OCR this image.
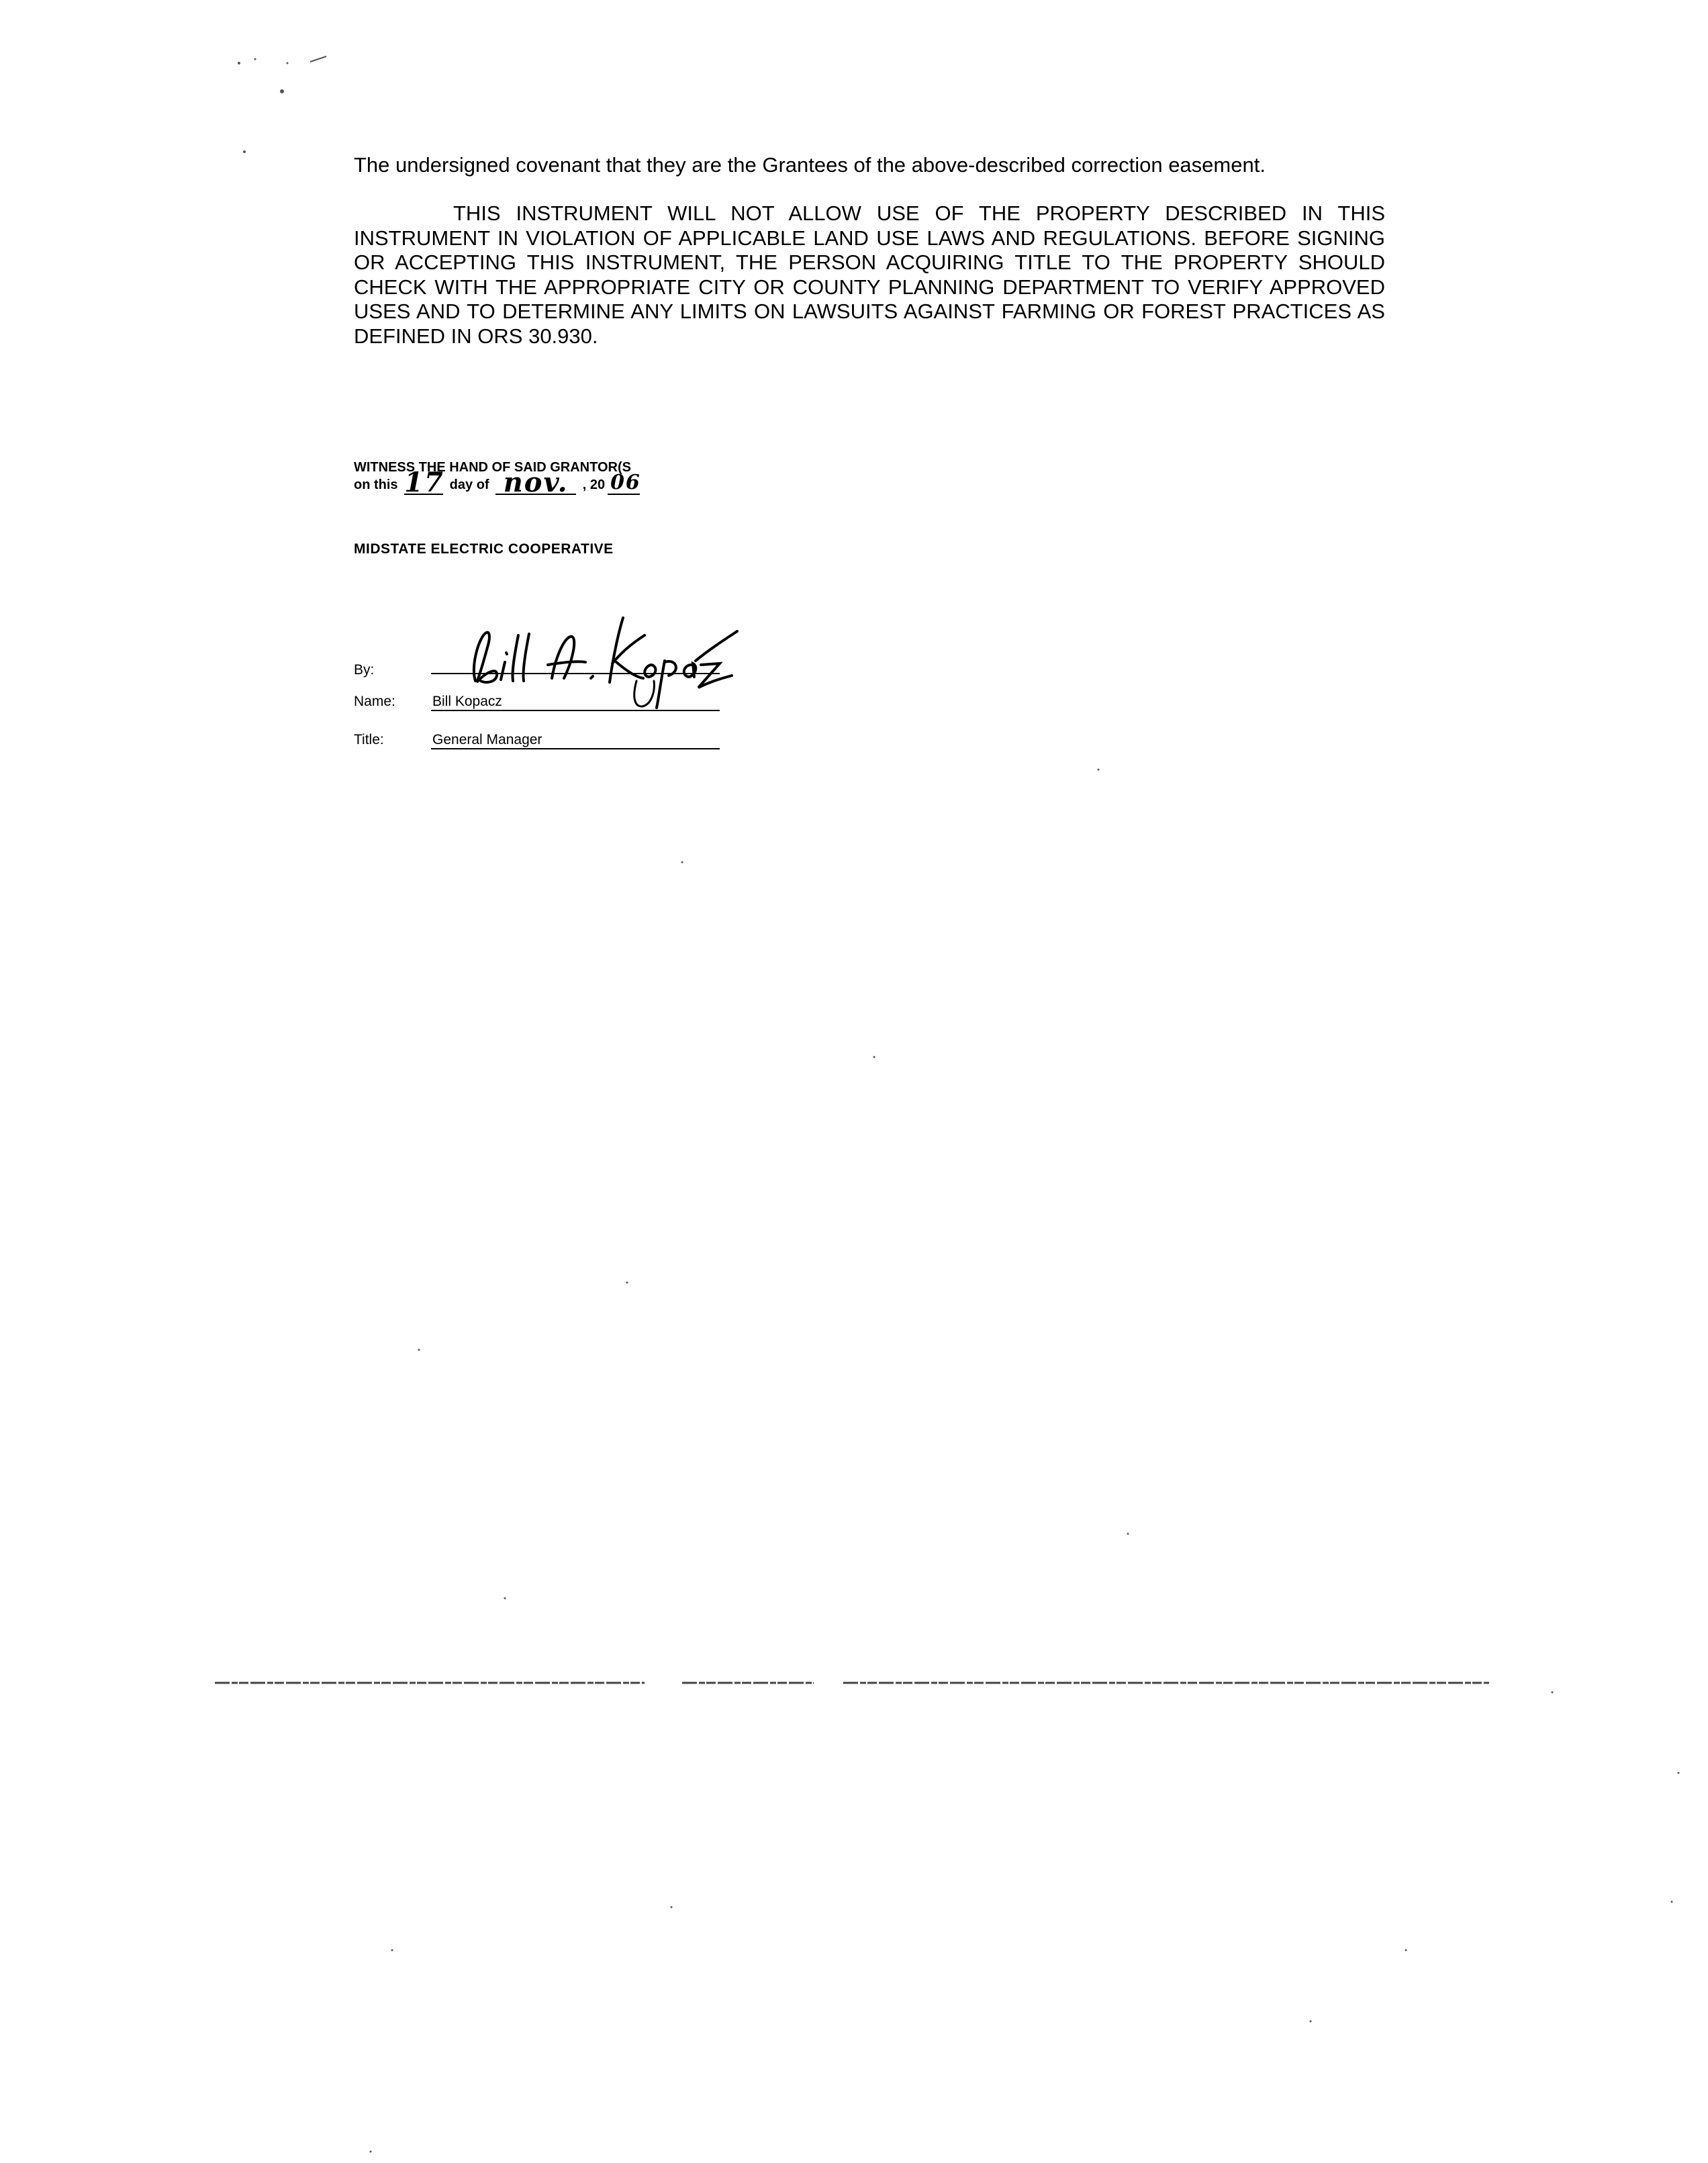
The undersigned covenant that they are the Grantees of the above-described correction easement.
THIS INSTRUMENT WILL NOT ALLOW USE OF THE PROPERTY DESCRIBED IN THIS INSTRUMENT IN VIOLATION OF APPLICABLE LAND USE LAWS AND REGULATIONS. BEFORE SIGNING OR ACCEPTING THIS INSTRUMENT, THE PERSON ACQUIRING TITLE TO THE PROPERTY SHOULD CHECK WITH THE APPROPRIATE CITY OR COUNTY PLANNING DEPARTMENT TO VERIFY APPROVED USES AND TO DETERMINE ANY LIMITS ON LAWSUITS AGAINST FARMING OR FOREST PRACTICES AS DEFINED IN ORS 30.930.
WITNESS THE HAND OF SAID GRANTOR(S
on this 17 day of nov.	, 20 06
MIDSTATE ELECTRIC COOPERATIVE
By:
Name:	Bill Kopacz
Title:	General Manager
